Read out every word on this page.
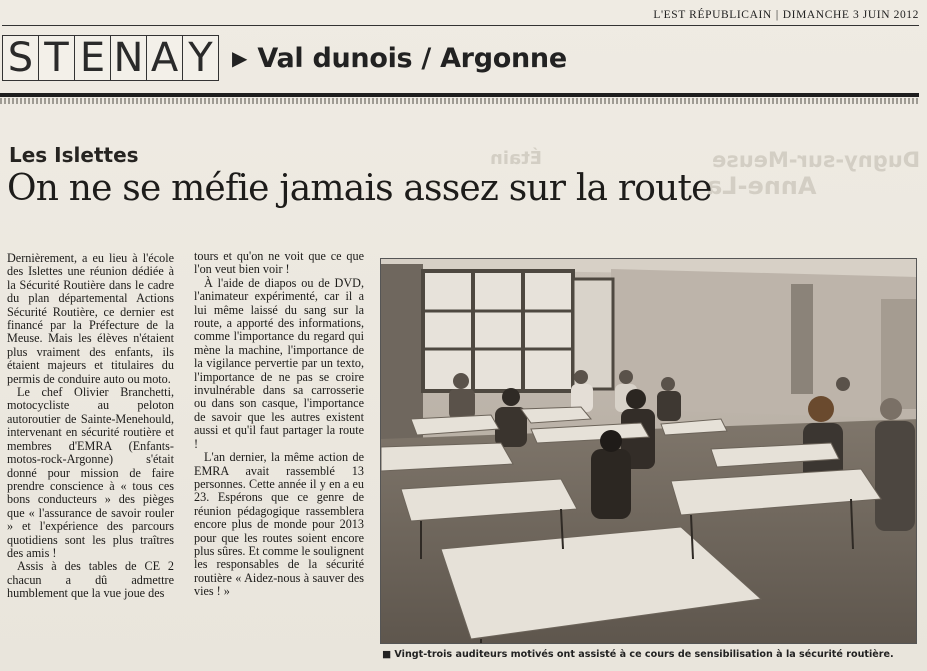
Dugny-sur-Meuse
Anne-La
Étain
L'EST RÉPUBLICAIN | DIMANCHE 3 JUIN 2012
S T E N A Y ▶ Val dunois / Argonne
Les Islettes
On ne se méfie jamais assez sur la route

Dernièrement, a eu lieu à l'école des Islettes une réunion dédiée à la Sécurité Routière dans le cadre du plan départemental Actions Sécurité Routière, ce dernier est financé par la Préfecture de la Meuse. Mais les élèves n'étaient plus vraiment des enfants, ils étaient majeurs et titulaires du permis de conduire auto ou moto.

Le chef Olivier Branchetti, motocycliste au peloton autoroutier de Sainte-Menehould, intervenant en sécurité routière et membres d'EMRA (Enfants-motos-rock-Argonne) s'était donné pour mission de faire prendre conscience à « tous ces bons conducteurs » des pièges que « l'assurance de savoir rouler » et l'expérience des parcours quotidiens sont les plus traîtres des amis !

Assis à des tables de CE 2 chacun a dû admettre humblement que la vue joue des

tours et qu'on ne voit que ce que l'on veut bien voir !

À l'aide de diapos ou de DVD, l'animateur expérimenté, car il a lui même laissé du sang sur la route, a apporté des informations, comme l'importance du regard qui mène la machine, l'importance de la vigilance pervertie par un texto, l'importance de ne pas se croire invulnérable dans sa carrosserie ou dans son casque, l'importance de savoir que les autres existent aussi et qu'il faut partager la route !

L'an dernier, la même action de EMRA avait rassemblé 13 personnes. Cette année il y en a eu 23. Espérons que ce genre de réunion pédagogique rassemblera encore plus de monde pour 2013 pour que les routes soient encore plus sûres. Et comme le soulignent les responsables de la sécurité routière « Aidez-nous à sauver des vies ! »

■ Vingt-trois auditeurs motivés ont assisté à ce cours de sensibilisation à la sécurité routière.
